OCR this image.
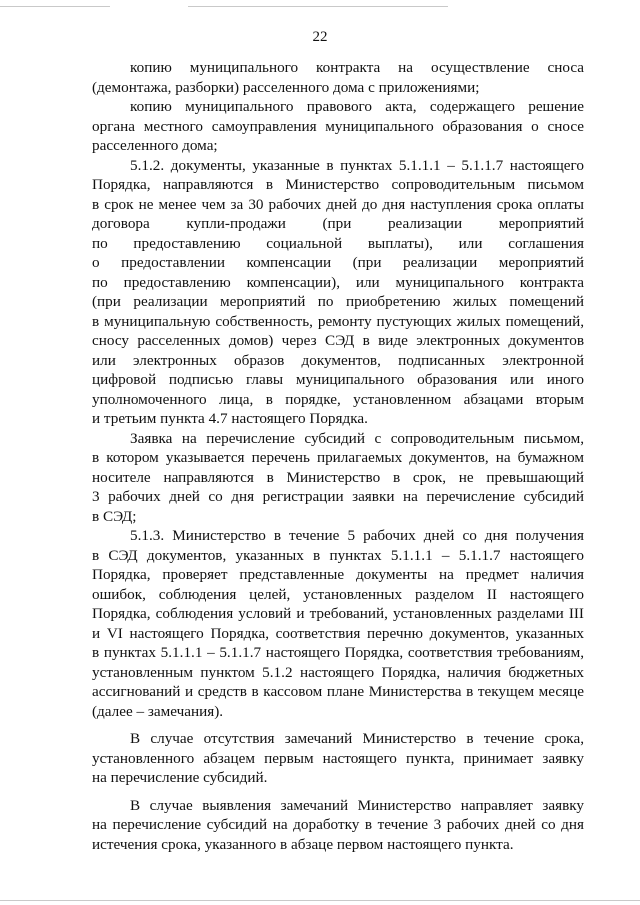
22
копию муниципального контракта на осуществление сноса
(демонтажа, разборки) расселенного дома с приложениями;
копию муниципального правового акта, содержащего решение
органа местного самоуправления муниципального образования о сносе
расселенного дома;
5.1.2. документы, указанные в пунктах 5.1.1.1 – 5.1.1.7 настоящего
Порядка, направляются в Министерство сопроводительным письмом
в срок не менее чем за 30 рабочих дней до дня наступления срока оплаты
договора купли-продажи (при реализации мероприятий
по предоставлению социальной выплаты), или соглашения
о предоставлении компенсации (при реализации мероприятий
по предоставлению компенсации), или муниципального контракта
(при реализации мероприятий по приобретению жилых помещений
в муниципальную собственность, ремонту пустующих жилых помещений,
сносу расселенных домов) через СЭД в виде электронных документов
или электронных образов документов, подписанных электронной
цифровой подписью главы муниципального образования или иного
уполномоченного лица, в порядке, установленном абзацами вторым
и третьим пункта 4.7 настоящего Порядка.
Заявка на перечисление субсидий с сопроводительным письмом,
в котором указывается перечень прилагаемых документов, на бумажном
носителе направляются в Министерство в срок, не превышающий
3 рабочих дней со дня регистрации заявки на перечисление субсидий
в СЭД;
5.1.3. Министерство в течение 5 рабочих дней со дня получения
в СЭД документов, указанных в пунктах 5.1.1.1 – 5.1.1.7 настоящего
Порядка, проверяет представленные документы на предмет наличия
ошибок, соблюдения целей, установленных разделом II настоящего
Порядка, соблюдения условий и требований, установленных разделами III
и VI настоящего Порядка, соответствия перечню документов, указанных
в пунктах 5.1.1.1 – 5.1.1.7 настоящего Порядка, соответствия требованиям,
установленным пунктом 5.1.2 настоящего Порядка, наличия бюджетных
ассигнований и средств в кассовом плане Министерства в текущем месяце
(далее – замечания).
В случае отсутствия замечаний Министерство в течение срока,
установленного абзацем первым настоящего пункта, принимает заявку
на перечисление субсидий.
В случае выявления замечаний Министерство направляет заявку
на перечисление субсидий на доработку в течение 3 рабочих дней со дня
истечения срока, указанного в абзаце первом настоящего пункта.
